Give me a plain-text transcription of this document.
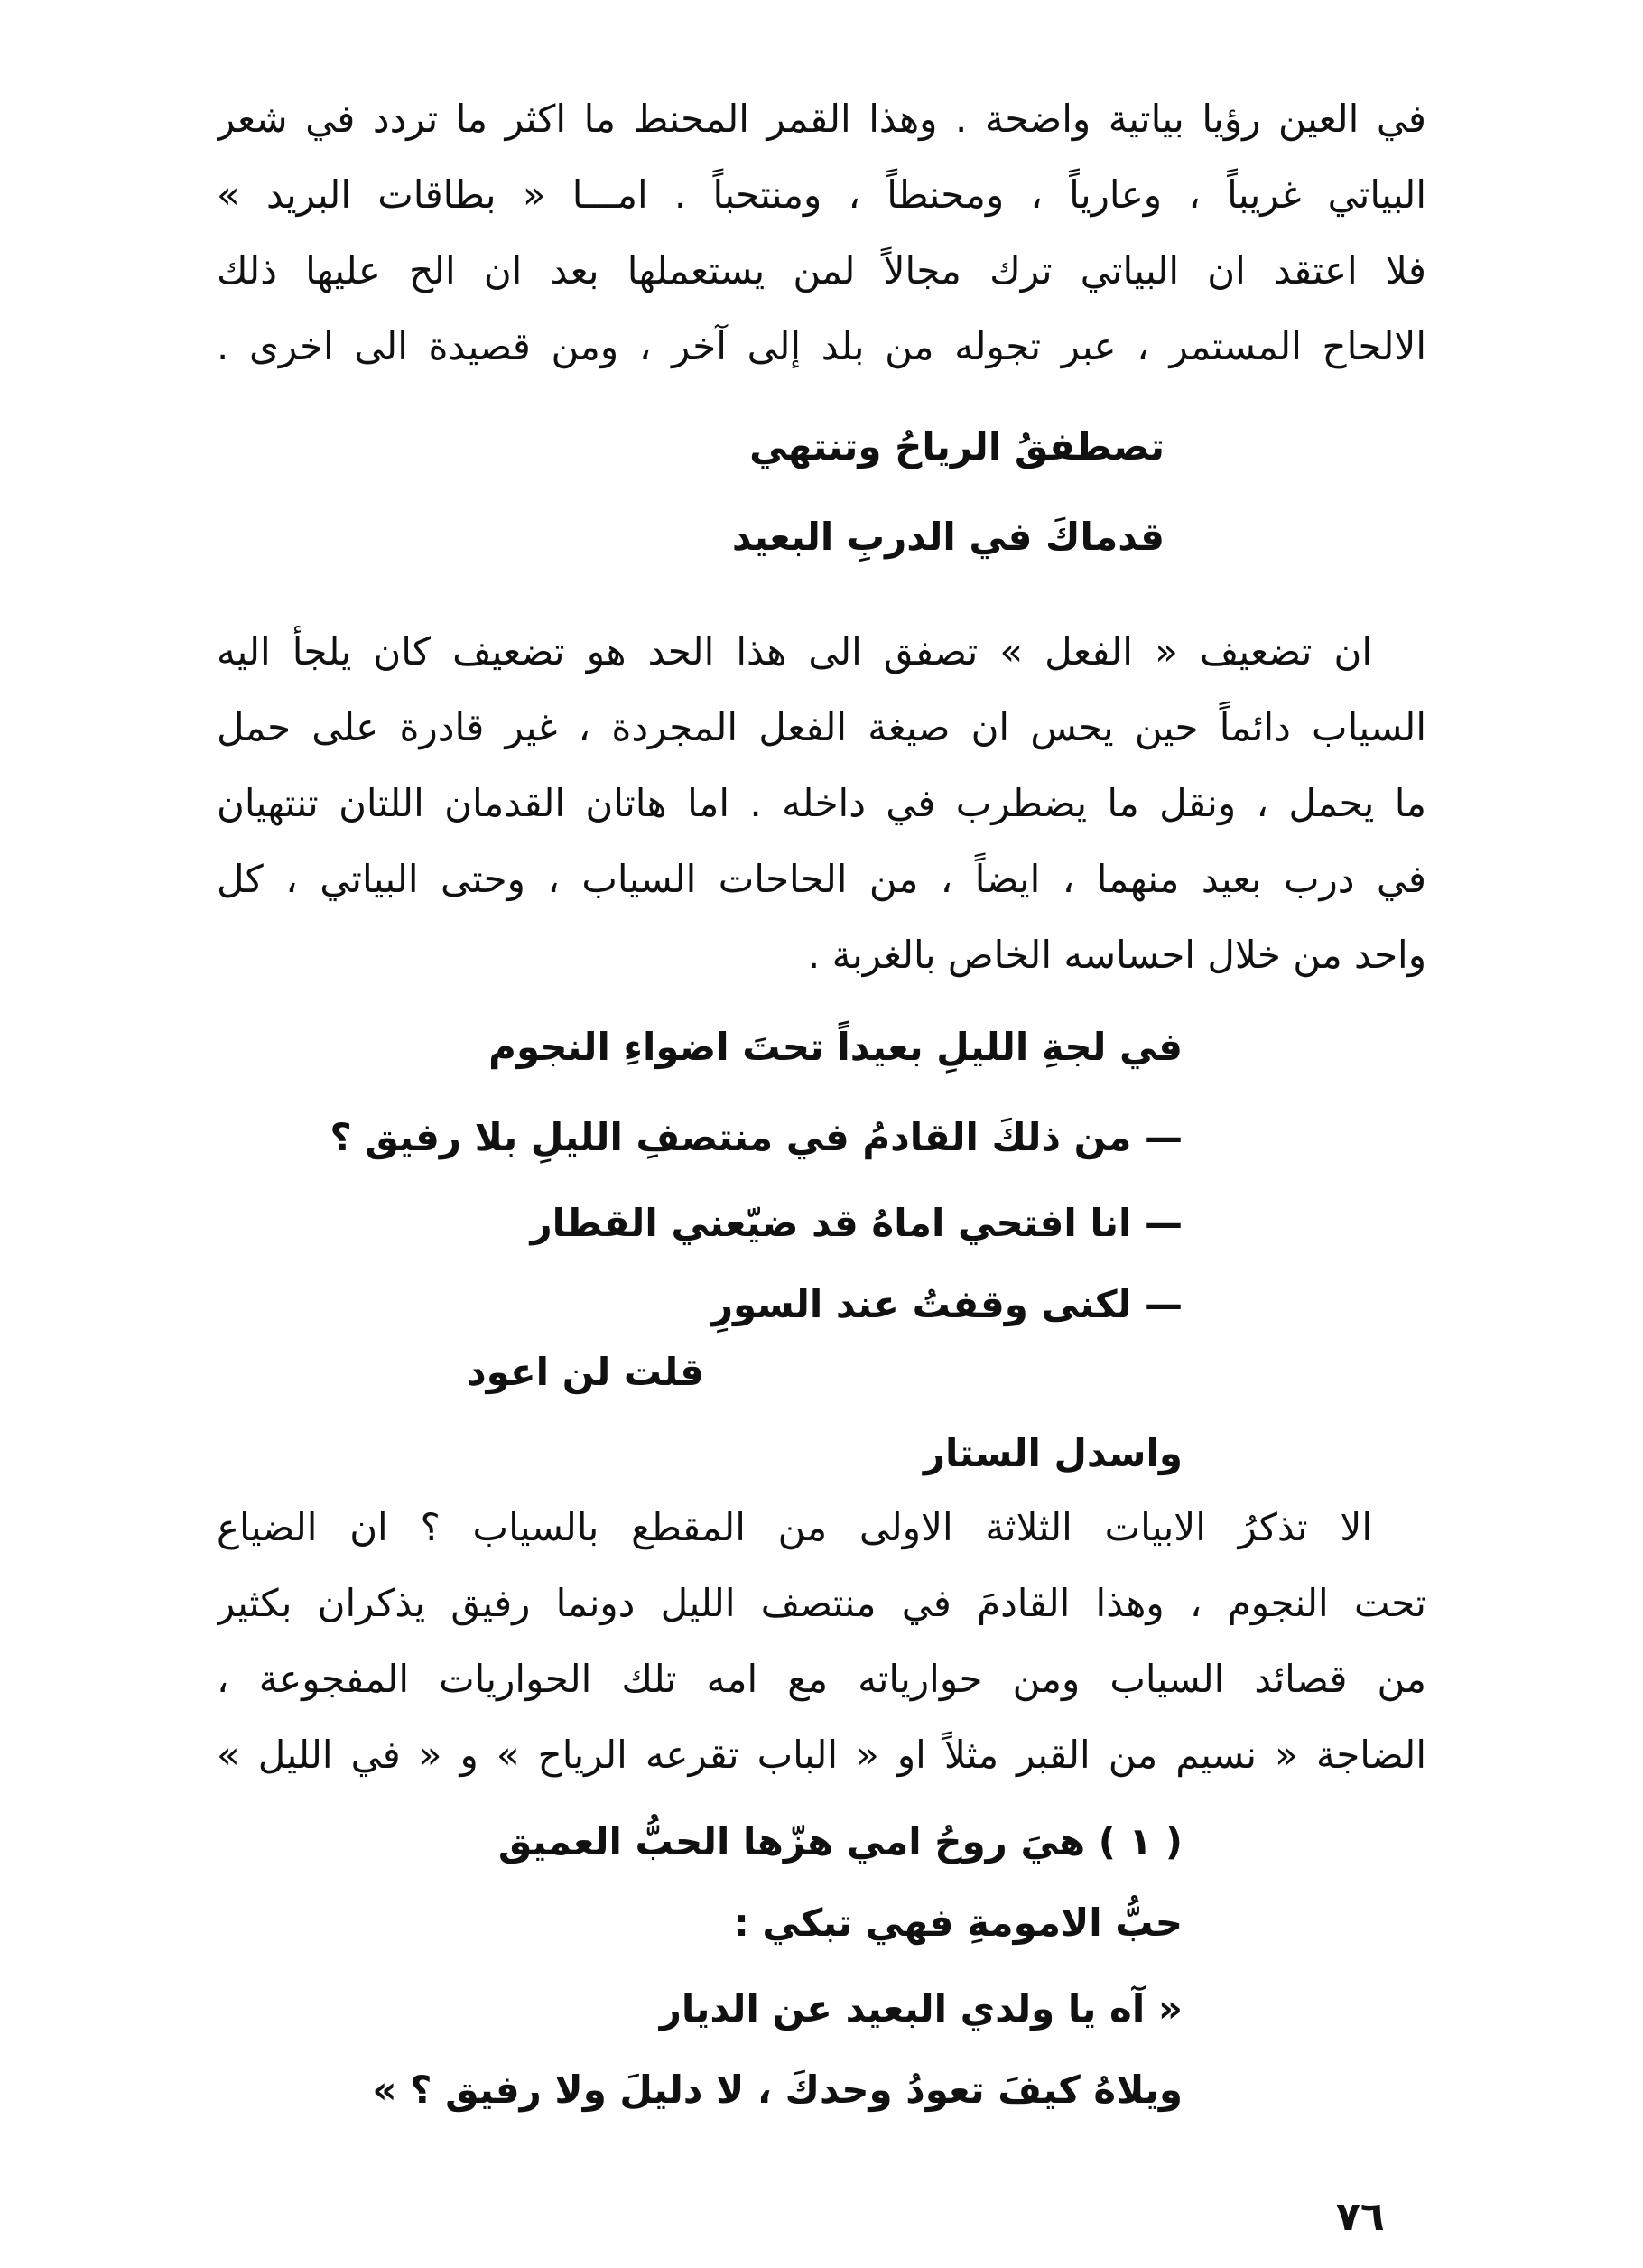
في العين رؤيا بياتية واضحة . وهذا القمر المحنط ما اكثر ما تردد في شعر
البياتي غريباً ، وعارياً ، ومحنطاً ، ومنتحباً . امـــا « بطاقات البريد »
فلا اعتقد ان البياتي ترك مجالاً لمن يستعملها بعد ان الح عليها ذلك
الالحاح المستمر ، عبر تجوله من بلد إلى آخر ، ومن قصيدة الى اخرى .
تصطفقُ الرياحُ وتنتهي
قدماكَ في الدربِ البعيد
ان تضعيف « الفعل » تصفق الى هذا الحد هو تضعيف كان يلجأ اليه
السياب دائماً حين يحس ان صيغة الفعل المجردة ، غير قادرة على حمل
ما يحمل ، ونقل ما يضطرب في داخله . اما هاتان القدمان اللتان تنتهيان
في درب بعيد منهما ، ايضاً ، من الحاحات السياب ، وحتى البياتي ، كل
واحد من خلال احساسه الخاص بالغربة .
في لجةِ الليلِ بعيداً تحتَ اضواءِ النجوم
— من ذلكَ القادمُ في منتصفِ الليلِ بلا رفيق ؟
— انا افتحي اماهُ قد ضيّعني القطار
— لكنى وقفتُ عند السورِ
قلت لن اعود
واسدل الستار
الا تذكرُ الابيات الثلاثة الاولى من المقطع بالسياب ؟ ان الضياع
تحت النجوم ، وهذا القادمَ في منتصف الليل دونما رفيق يذكران بكثير
من قصائد السياب ومن حوارياته مع امه تلك الحواريات المفجوعة ،
الضاجة « نسيم من القبر مثلاً او « الباب تقرعه الرياح » و « في الليل »
( ١ ) هيَ روحُ امي هزّها الحبُّ العميق
حبُّ الامومةِ فهي تبكي :
« آه يا ولدي البعيد عن الديار
ويلاهُ كيفَ تعودُ وحدكَ ، لا دليلَ ولا رفيق ؟ »
٧٦
